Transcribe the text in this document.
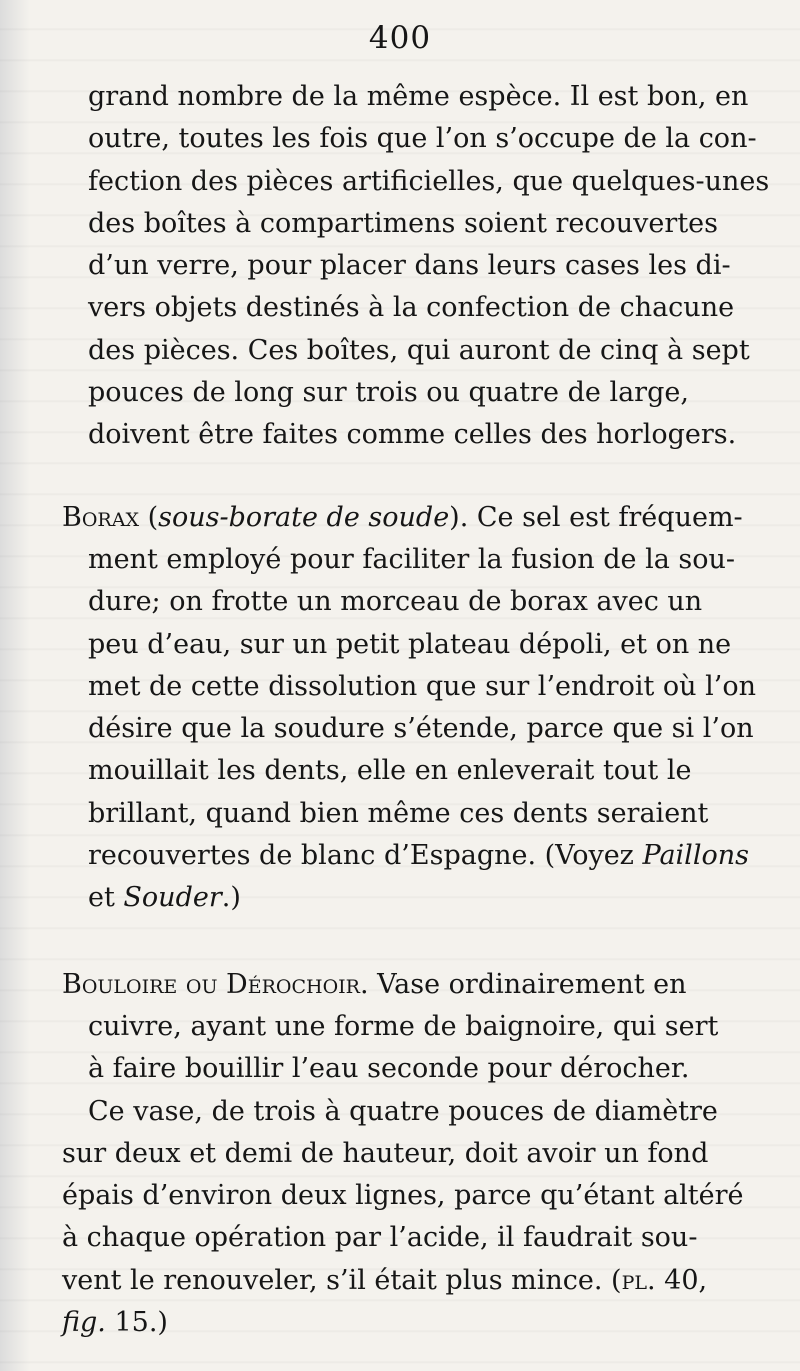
400
grand nombre de la même espèce. Il est bon, en
outre, toutes les fois que l’on s’occupe de la con-
fection des pièces artificielles, que quelques-unes
des boîtes à compartimens soient recouvertes
d’un verre, pour placer dans leurs cases les di-
vers objets destinés à la confection de chacune
des pièces. Ces boîtes, qui auront de cinq à sept
pouces de long sur trois ou quatre de large,
doivent être faites comme celles des horlogers.
Borax (sous-borate de soude). Ce sel est fréquem-
ment employé pour faciliter la fusion de la sou-
dure; on frotte un morceau de borax avec un
peu d’eau, sur un petit plateau dépoli, et on ne
met de cette dissolution que sur l’endroit où l’on
désire que la soudure s’étende, parce que si l’on
mouillait les dents, elle en enleverait tout le
brillant, quand bien même ces dents seraient
recouvertes de blanc d’Espagne. (Voyez Paillons
et Souder.)
Bouloire ou Dérochoir. Vase ordinairement en
cuivre, ayant une forme de baignoire, qui sert
à faire bouillir l’eau seconde pour dérocher.
Ce vase, de trois à quatre pouces de diamètre
sur deux et demi de hauteur, doit avoir un fond
épais d’environ deux lignes, parce qu’étant altéré
à chaque opération par l’acide, il faudrait sou-
vent le renouveler, s’il était plus mince. (pl. 40,
fig. 15.)
